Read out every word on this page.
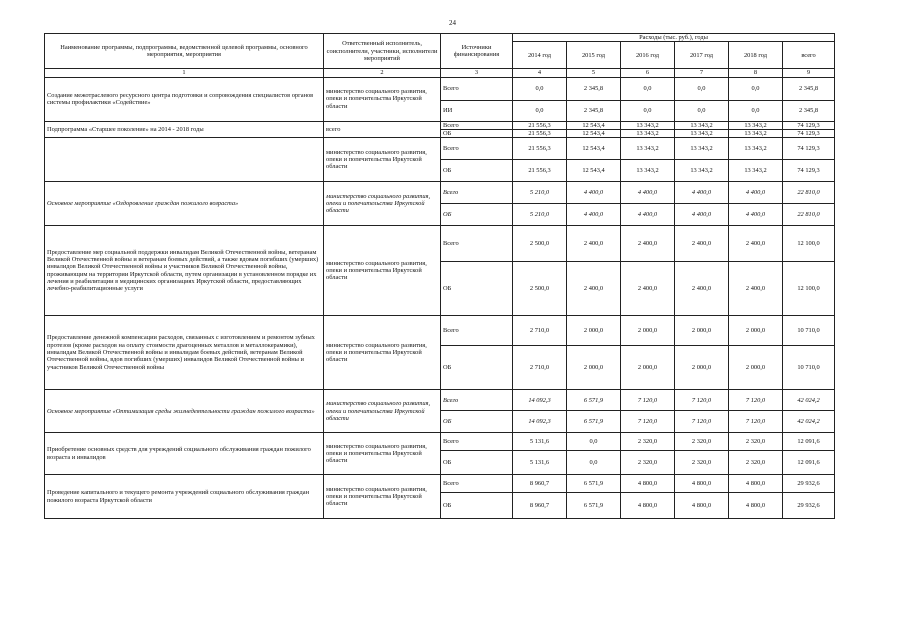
24
Наименование программы, подпрограммы, ведомственной целевой программы, основного мероприятия, мероприятия	Ответственный исполнитель, соисполнители, участники, исполнители мероприятий	Источники финансирования	Расходы (тыс. руб.), годы					
			2014 год	2015 год	2016 год	2017 год	2018 год	всего
1	2	3	4	5	6	7	8	9
Создание межотраслевого ресурсного центра подготовки и сопровождения специалистов органов системы профилактики «Содействие»	министерство социального развития, опеки и попечительства Иркутской области	Всего	0,0	2 345,8	0,0	0,0	0,0	2 345,8
		ИИ	0,0	2 345,8	0,0	0,0	0,0	2 345,8
Подпрограмма «Старшее поколение» на 2014 - 2018 годы	всего	Всего	21 556,3	12 543,4	13 343,2	13 343,2	13 343,2	74 129,3
		ОБ	21 556,3	12 543,4	13 343,2	13 343,2	13 343,2	74 129,3
	министерство социального развития, опеки и попечительства Иркутской области	Всего	21 556,3	12 543,4	13 343,2	13 343,2	13 343,2	74 129,3
		ОБ	21 556,3	12 543,4	13 343,2	13 343,2	13 343,2	74 129,3
Основное мероприятие «Оздоровление граждан пожилого возраста»	министерство социального развития, опеки и попечительства Иркутской области	Всего	5 210,0	4 400,0	4 400,0	4 400,0	4 400,0	22 810,0
		ОБ	5 210,0	4 400,0	4 400,0	4 400,0	4 400,0	22 810,0
Предоставление мер социальной поддержки инвалидам Великой Отечественной войны, ветеранам Великой Отечественной войны и ветеранам боевых действий, а также вдовам погибших (умерших) инвалидов Великой Отечественной войны и участников Великой Отечественной войны, проживающим на территории Иркутской области, путем организации в установленном порядке их лечения и реабилитации в медицинских организациях Иркутской области, предоставляющих лечебно-реабилитационные услуги	министерство социального развития, опеки и попечительства Иркутской области	Всего	2 500,0	2 400,0	2 400,0	2 400,0	2 400,0	12 100,0
		ОБ	2 500,0	2 400,0	2 400,0	2 400,0	2 400,0	12 100,0
Предоставление денежной компенсации расходов, связанных с изготовлением и ремонтом зубных протезов (кроме расходов на оплату стоимости драгоценных металлов и металлокерамики), инвалидам Великой Отечественной войны и инвалидам боевых действий, ветеранам Великой Отечественной войны, вдов погибших (умерших) инвалидов Великой Отечественной войны и участников Великой Отечественной войны	министерство социального развития, опеки и попечительства Иркутской области	Всего	2 710,0	2 000,0	2 000,0	2 000,0	2 000,0	10 710,0
		ОБ	2 710,0	2 000,0	2 000,0	2 000,0	2 000,0	10 710,0
Основное мероприятие «Оптимизация среды жизнедеятельности граждан пожилого возраста»	министерство социального развития, опеки и попечительства Иркутской области	Всего	14 092,3	6 571,9	7 120,0	7 120,0	7 120,0	42 024,2
		ОБ	14 092,3	6 571,9	7 120,0	7 120,0	7 120,0	42 024,2
Приобретение основных средств для учреждений социального обслуживания граждан пожилого возраста и инвалидов	министерство социального развития, опеки и попечительства Иркутской области	Всего	5 131,6	0,0	2 320,0	2 320,0	2 320,0	12 091,6
		ОБ	5 131,6	0,0	2 320,0	2 320,0	2 320,0	12 091,6
Проведение капитального и текущего ремонта учреждений социального обслуживания граждан пожилого возраста Иркутской области	министерство социального развития, опеки и попечительства Иркутской области	Всего	8 960,7	6 571,9	4 800,0	4 800,0	4 800,0	29 932,6
		ОБ	8 960,7	6 571,9	4 800,0	4 800,0	4 800,0	29 932,6
